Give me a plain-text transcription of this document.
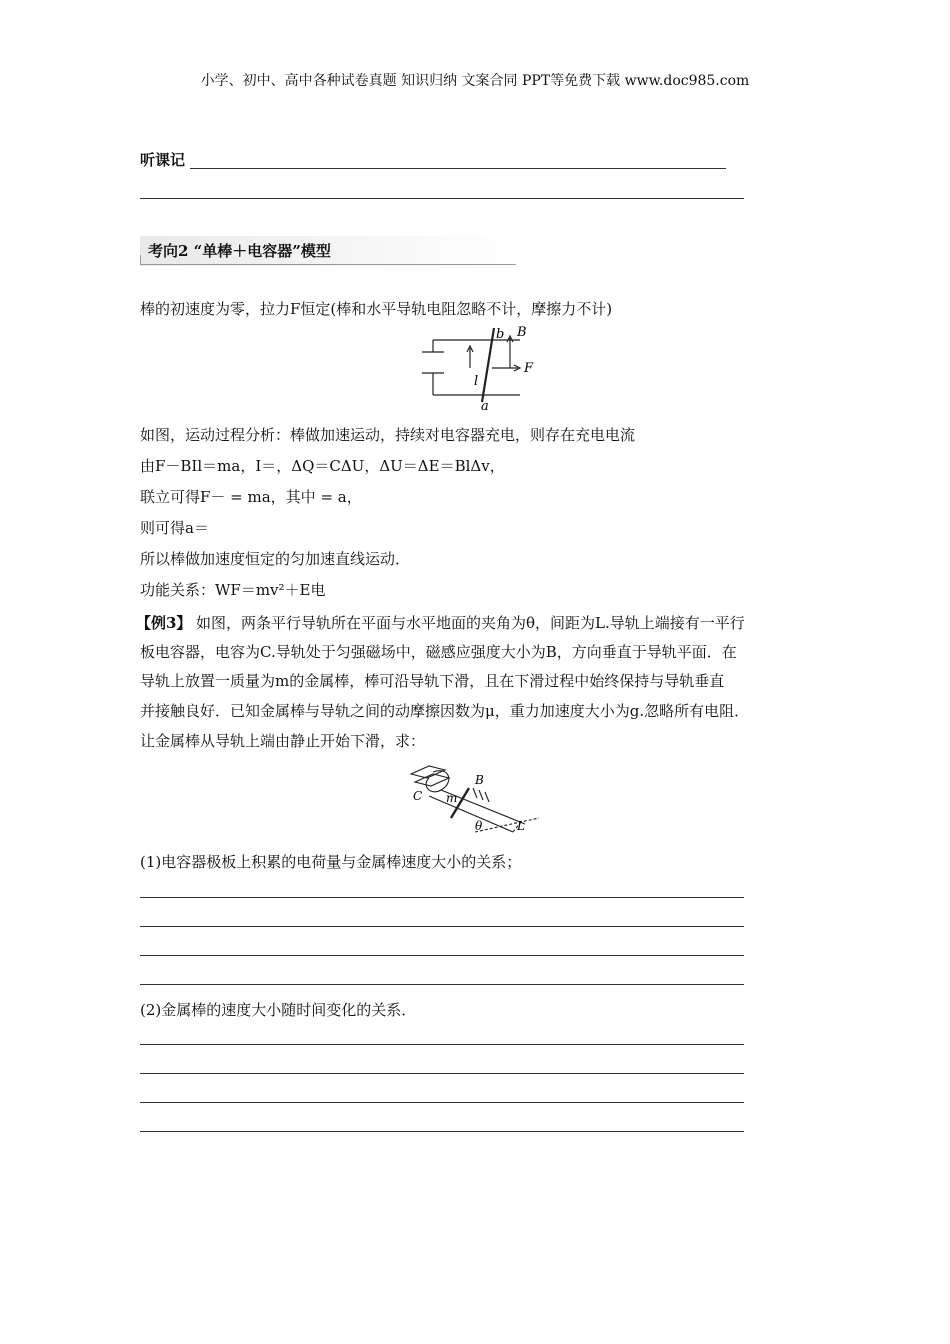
小学、初中、高中各种试卷真题 知识归纳 文案合同 PPT等免费下载 www.doc985.com
听课记
考向2 “单棒＋电容器”模型
棒的初速度为零，拉力F恒定(棒和水平导轨电阻忽略不计，摩擦力不计)
b B
F
l
a
如图，运动过程分析：棒做加速运动，持续对电容器充电，则存在充电电流
由F－BIl＝ma，I＝，ΔQ＝CΔU，ΔU＝ΔE＝BlΔv，
联立可得F－ = ma，其中 = a，
则可得a＝
所以棒做加速度恒定的匀加速直线运动．
功能关系：WF＝mv²＋E电
【例3】 如图，两条平行导轨所在平面与水平地面的夹角为θ，间距为L.导轨上端接有一平行
板电容器，电容为C.导轨处于匀强磁场中，磁感应强度大小为B，方向垂直于导轨平面．在
导轨上放置一质量为m的金属棒，棒可沿导轨下滑，且在下滑过程中始终保持与导轨垂直
并接触良好．已知金属棒与导轨之间的动摩擦因数为μ，重力加速度大小为g.忽略所有电阻．
让金属棒从导轨上端由静止开始下滑，求：
B
C m
θ	L
(1)电容器极板上积累的电荷量与金属棒速度大小的关系；
(2)金属棒的速度大小随时间变化的关系．
